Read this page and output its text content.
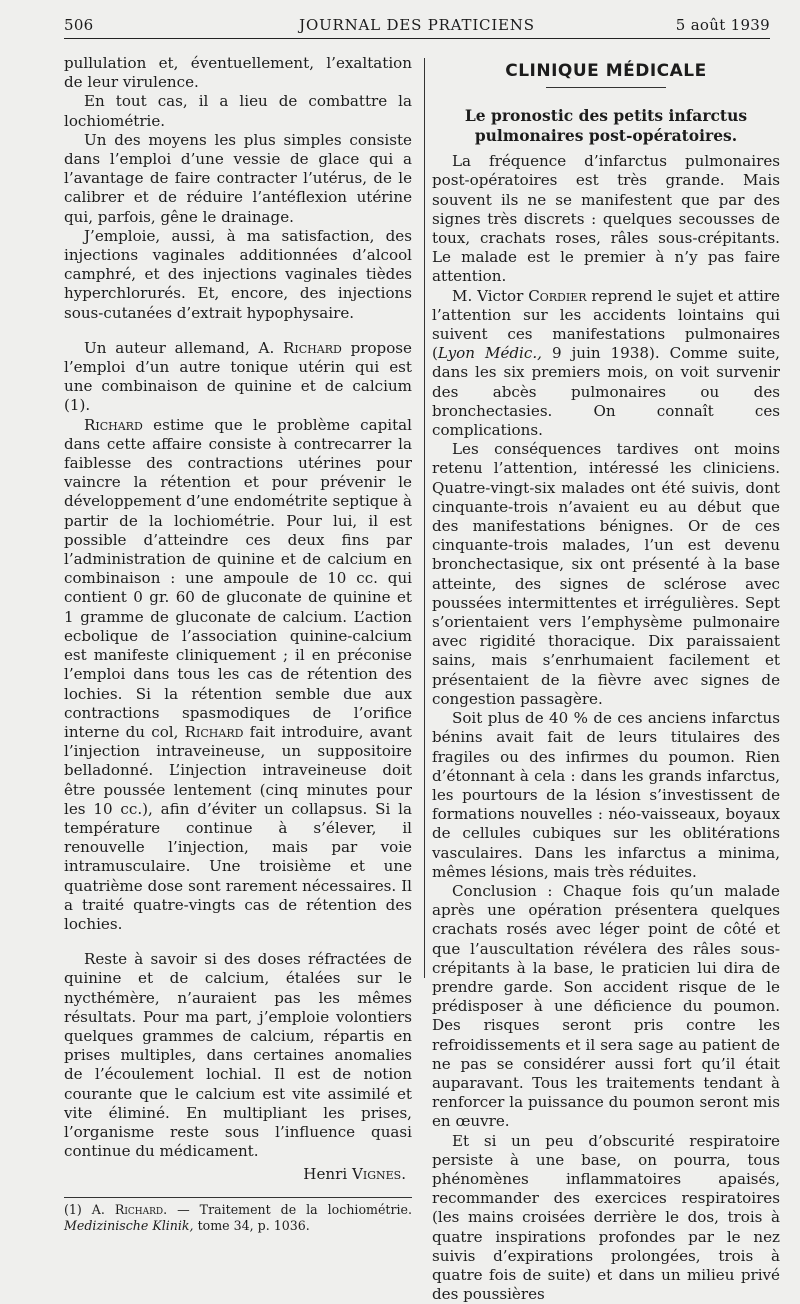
506	JOURNAL DES PRATICIENS	5 août 1939

pullulation et, éventuellement, l’exaltation de leur virulence.

En tout cas, il a lieu de combattre la lochiométrie.

Un des moyens les plus simples consiste dans l’emploi d’une vessie de glace qui a l’avantage de faire contracter l’utérus, de le calibrer et de réduire l’antéflexion utérine qui, parfois, gêne le drainage.

J’emploie, aussi, à ma satisfaction, des injections vaginales additionnées d’alcool camphré, et des injections vaginales tièdes hyperchlorurés. Et, encore, des injections sous-cutanées d’extrait hypophysaire.

Un auteur allemand, A. Richard propose l’emploi d’un autre tonique utérin qui est une combinaison de quinine et de calcium (1).

Richard estime que le problème capital dans cette affaire consiste à contrecarrer la faiblesse des contractions utérines pour vaincre la rétention et pour prévenir le développement d’une endométrite septique à partir de la lochiométrie. Pour lui, il est possible d’atteindre ces deux fins par l’administration de quinine et de calcium en combinaison : une ampoule de 10 cc. qui contient 0 gr. 60 de gluconate de quinine et 1 gramme de gluconate de calcium. L’action ecbolique de l’association quinine-calcium est manifeste cliniquement ; il en préconise l’emploi dans tous les cas de rétention des lochies. Si la rétention semble due aux contractions spasmodiques de l’orifice interne du col, Richard fait introduire, avant l’injection intraveineuse, un suppositoire belladonné. L’injection intraveineuse doit être poussée lentement (cinq minutes pour les 10 cc.), afin d’éviter un collapsus. Si la température continue à s’élever, il renouvelle l’injection, mais par voie intramusculaire. Une troisième et une quatrième dose sont rarement nécessaires. Il a traité quatre-vingts cas de rétention des lochies.

Reste à savoir si des doses réfractées de quinine et de calcium, étalées sur le nycthémère, n’auraient pas les mêmes résultats. Pour ma part, j’emploie volontiers quelques grammes de calcium, répartis en prises multiples, dans certaines anomalies de l’écoulement lochial. Il est de notion courante que le calcium est vite assimilé et vite éliminé. En multipliant les prises, l’organisme reste sous l’influence quasi continue du médicament.

Henri Vignes.

(1) A. Richard. — Traitement de la lochiométrie. Medizinische Klinik, tome 34, p. 1036.

CLINIQUE MÉDICALE
Le pronostic des petits infarctus pulmonaires post-opératoires.

La fréquence d’infarctus pulmonaires post-opératoires est très grande. Mais souvent ils ne se manifestent que par des signes très discrets : quelques secousses de toux, crachats roses, râles sous-crépitants. Le malade est le premier à n’y pas faire attention.

M. Victor Cordier reprend le sujet et attire l’attention sur les accidents lointains qui suivent ces manifestations pulmonaires (Lyon Médic., 9 juin 1938). Comme suite, dans les six premiers mois, on voit survenir des abcès pulmonaires ou des bronchectasies. On connaît ces complications.

Les conséquences tardives ont moins retenu l’attention, intéressé les cliniciens. Quatre-vingt-six malades ont été suivis, dont cinquante-trois n’avaient eu au début que des manifestations bénignes. Or de ces cinquante-trois malades, l’un est devenu bronchectasique, six ont présenté à la base atteinte, des signes de sclérose avec poussées intermittentes et irrégulières. Sept s’orientaient vers l’emphysème pulmonaire avec rigidité thoracique. Dix paraissaient sains, mais s’enrhumaient facilement et présentaient de la fièvre avec signes de congestion passagère.

Soit plus de 40 % de ces anciens infarctus bénins avait fait de leurs titulaires des fragiles ou des infirmes du poumon. Rien d’étonnant à cela : dans les grands infarctus, les pourtours de la lésion s’investissent de formations nouvelles : néo-vaisseaux, boyaux de cellules cubiques sur les oblitérations vasculaires. Dans les infarctus a minima, mêmes lésions, mais très réduites.

Conclusion : Chaque fois qu’un malade après une opération présentera quelques crachats rosés avec léger point de côté et que l’auscultation révélera des râles sous-crépitants à la base, le praticien lui dira de prendre garde. Son accident risque de le prédisposer à une déficience du poumon. Des risques seront pris contre les refroidissements et il sera sage au patient de ne pas se considérer aussi fort qu’il était auparavant. Tous les traitements tendant à renforcer la puissance du poumon seront mis en œuvre.

Et si un peu d’obscurité respiratoire persiste à une base, on pourra, tous phénomènes inflammatoires apaisés, recommander des exercices respiratoires (les mains croisées derrière le dos, trois à quatre inspirations profondes par le nez suivis d’expirations prolongées, trois à quatre fois de suite) et dans un milieu privé des poussières
